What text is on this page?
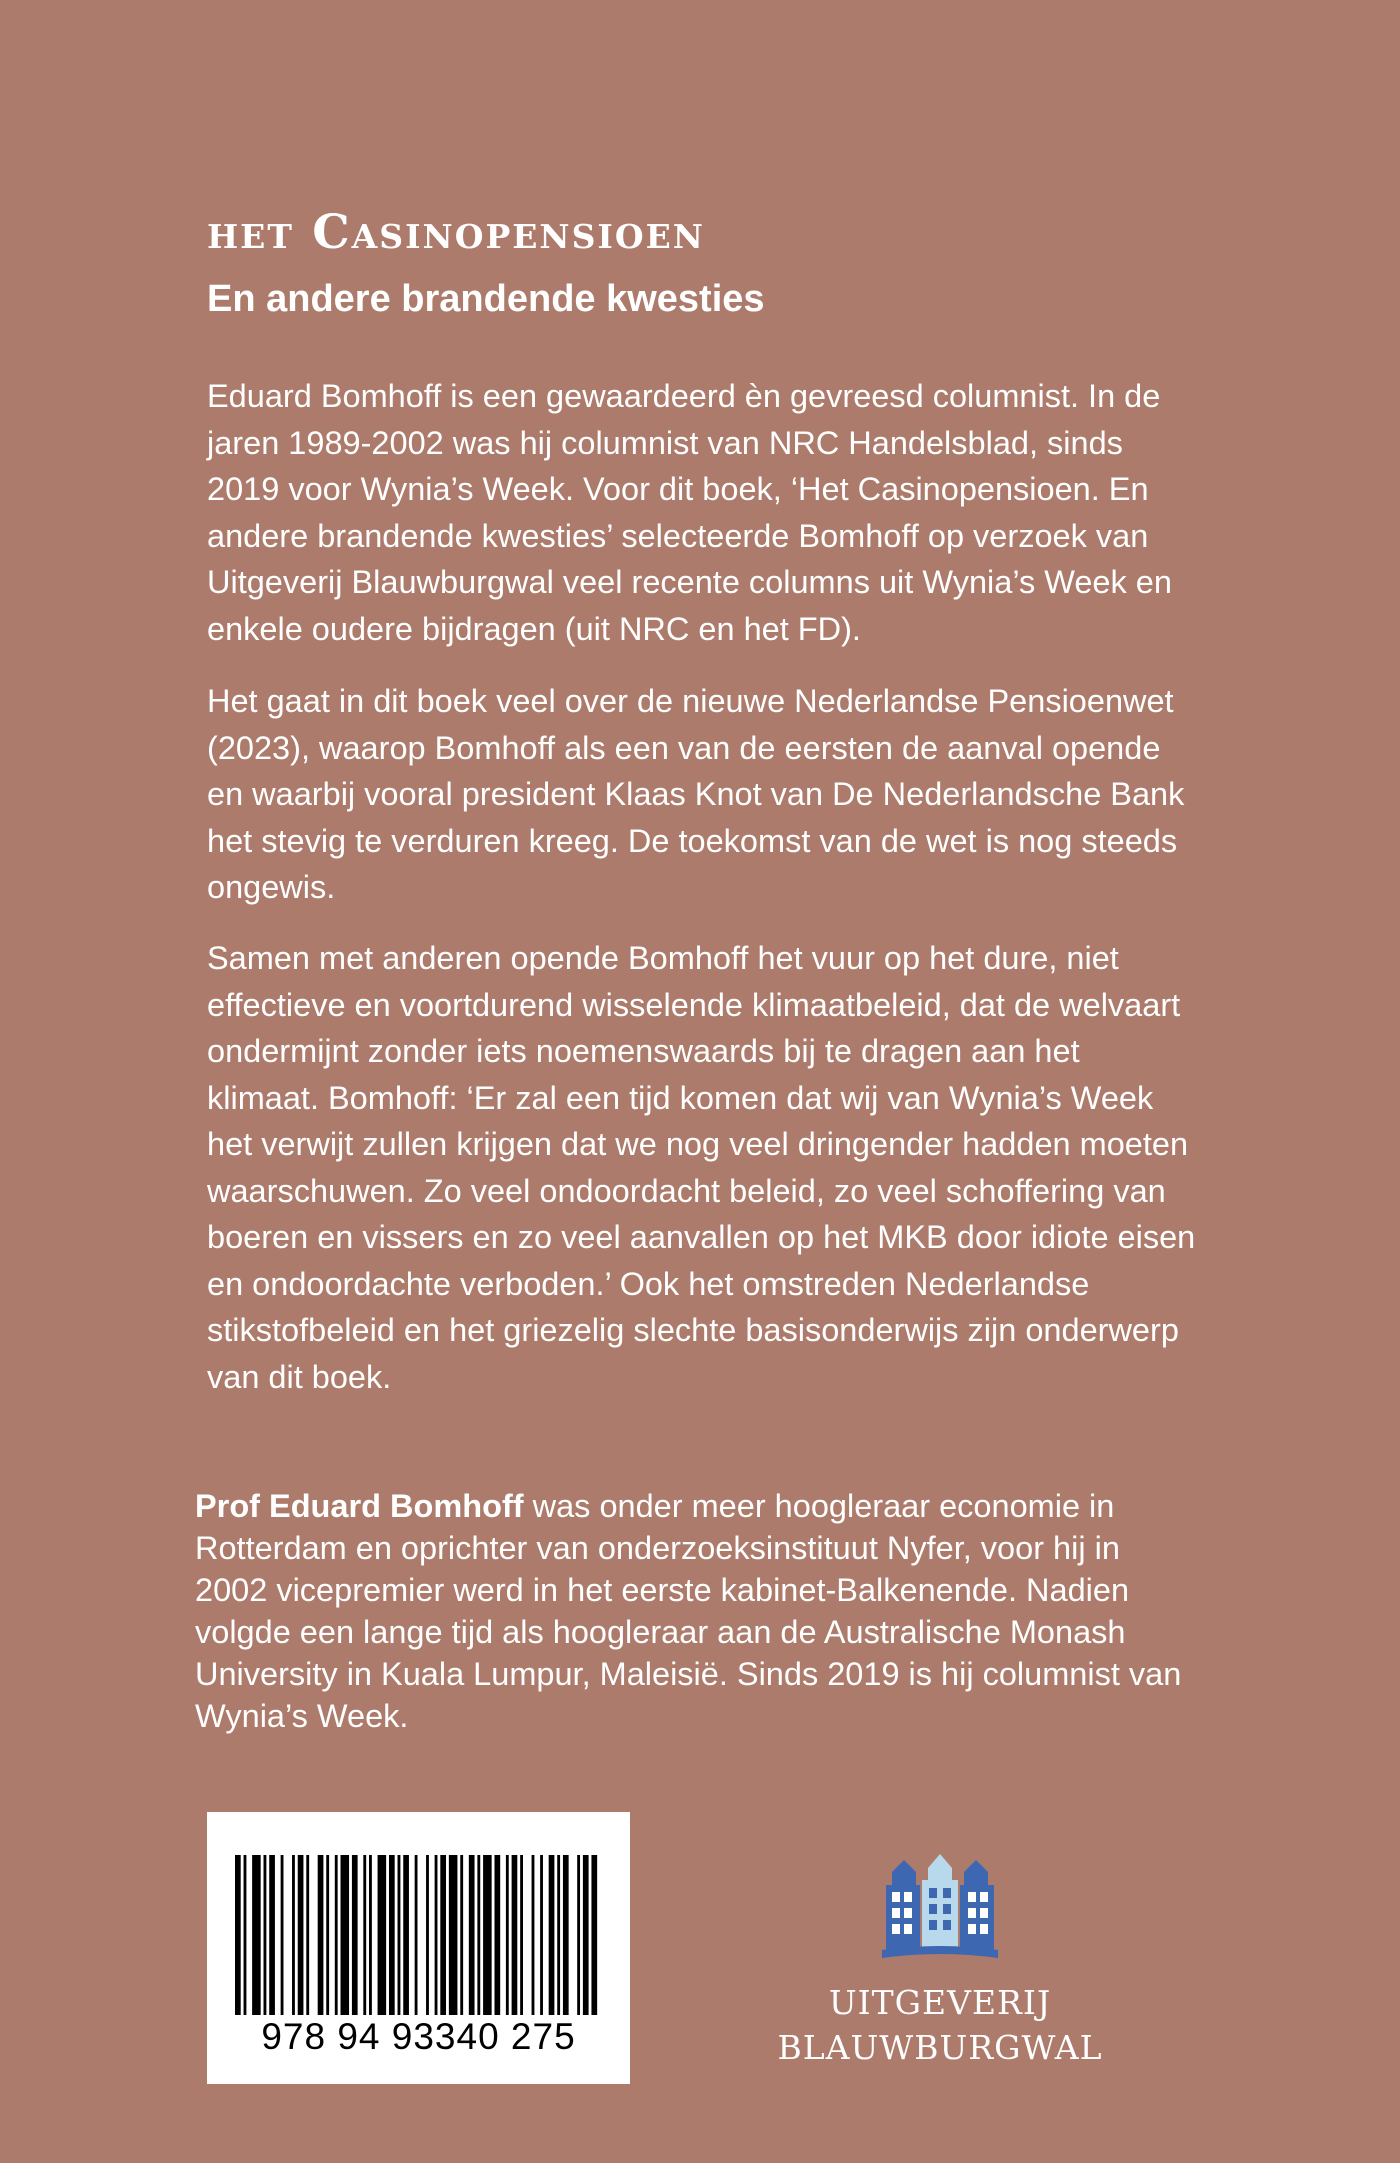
het Casinopensioen
En andere brandende kwesties

Eduard Bomhoff is een gewaardeerd èn gevreesd columnist. In de jaren 1989-2002 was hij columnist van NRC Handelsblad, sinds 2019 voor Wynia’s Week. Voor dit boek, ‘Het Casinopensioen. En andere brandende kwesties’ selecteerde Bomhoff op verzoek van Uitgeverij Blauwburgwal veel recente columns uit Wynia’s Week en enkele oudere bijdragen (uit NRC en het FD).

Het gaat in dit boek veel over de nieuwe Nederlandse Pensioenwet (2023), waarop Bomhoff als een van de eersten de aanval opende en waarbij vooral president Klaas Knot van De Nederlandsche Bank het stevig te verduren kreeg. De toekomst van de wet is nog steeds ongewis.

Samen met anderen opende Bomhoff het vuur op het dure, niet effectieve en voortdurend wisselende klimaatbeleid, dat de welvaart ondermijnt zonder iets noemenswaards bij te dragen aan het klimaat. Bomhoff: ‘Er zal een tijd komen dat wij van Wynia’s Week het verwijt zullen krijgen dat we nog veel dringender hadden moeten waarschuwen. Zo veel ondoordacht beleid, zo veel schoffering van boeren en vissers en zo veel aanvallen op het MKB door idiote eisen en ondoordachte verboden.’ Ook het omstreden Nederlandse stikstofbeleid en het griezelig slechte basisonderwijs zijn onderwerp van dit boek.

Prof Eduard Bomhoff was onder meer hoogleraar economie in Rotterdam en oprichter van onderzoeksinstituut Nyfer, voor hij in 2002 vicepremier werd in het eerste kabinet-Balkenende. Nadien volgde een lange tijd als hoogleraar aan de Australische Monash University in Kuala Lumpur, Maleisië. Sinds 2019 is hij columnist van Wynia’s Week.

978 94 93340 275
UITGEVERIJ
BLAUWBURGWAL
